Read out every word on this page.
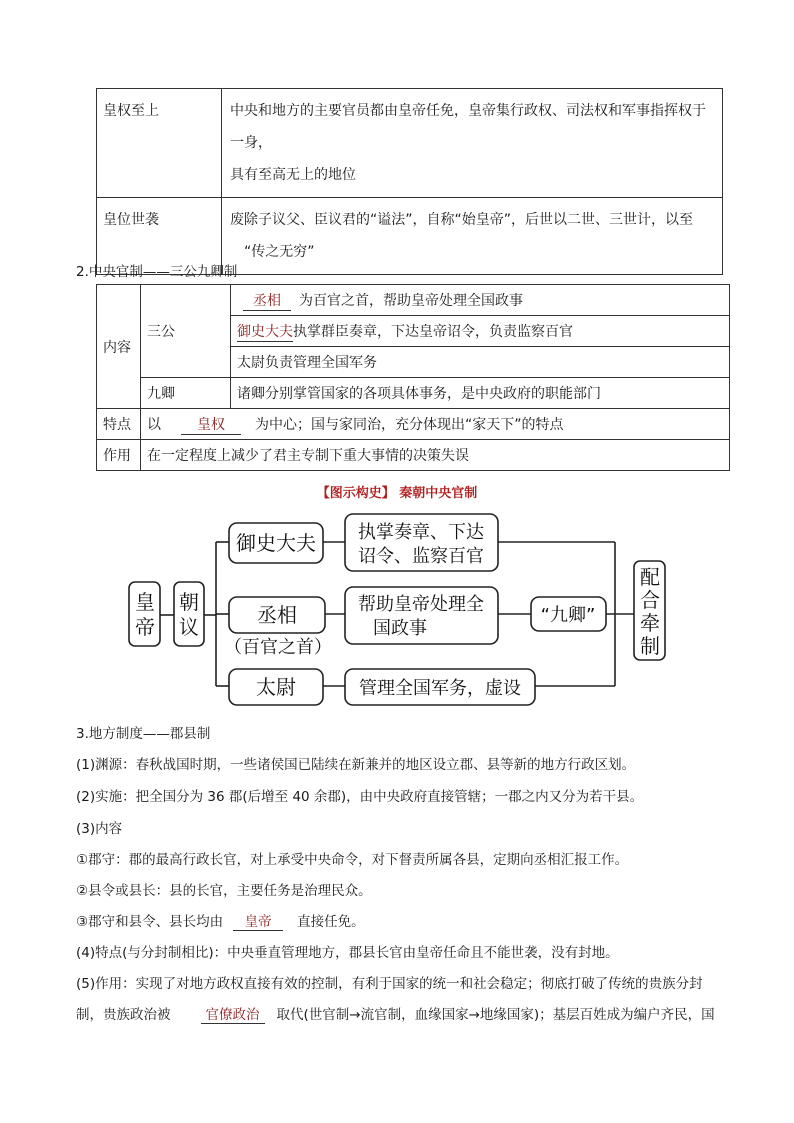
皇权至上	中央和地方的主要官员都由皇帝任免，皇帝集行政权、司法权和军事指挥权于一身，
具有至高无上的地位

皇位世袭	废除子议父、臣议君的“谥法”，自称“始皇帝”，后世以二世、三世计，以至
“传之无穷”
2.中央官制——三公九卿制
内容	三公	丞相 为百官之首，帮助皇帝处理全国政事
		御史大夫执掌群臣奏章，下达皇帝诏令，负责监察百官
		太尉负责管理全国军务
	九卿	诸卿分别掌管国家的各项具体事务，是中央政府的职能部门
特点	以 皇权 为中心；国与家同治，充分体现出“家天下”的特点	
作用	在一定程度上减少了君主专制下重大事情的决策失误	
【图示构史】 秦朝中央官制
皇
帝
朝
议
御史大夫
丞相
（百官之首）
太尉
执掌奏章、下达
诏令、监察百官
帮助皇帝处理全
国政事
管理全国军务，虚设
“九卿”
配
合
牵
制
3.地方制度——郡县制
(1)渊源：春秋战国时期，一些诸侯国已陆续在新兼并的地区设立郡、县等新的地方行政区划。
(2)实施：把全国分为 36 郡(后增至 40 余郡)，由中央政府直接管辖；一郡之内又分为若干县。
(3)内容
①郡守：郡的最高行政长官，对上承受中央命令，对下督责所属各县，定期向丞相汇报工作。
②县令或县长：县的长官，主要任务是治理民众。
③郡守和县令、县长均由 皇帝 直接任免。
(4)特点(与分封制相比)：中央垂直管理地方，郡县长官由皇帝任命且不能世袭，没有封地。
(5)作用：实现了对地方政权直接有效的控制，有利于国家的统一和社会稳定；彻底打破了传统的贵族分封
制，贵族政治被	官僚政治 取代(世官制→流官制，血缘国家→地缘国家)；基层百姓成为编户齐民，国
